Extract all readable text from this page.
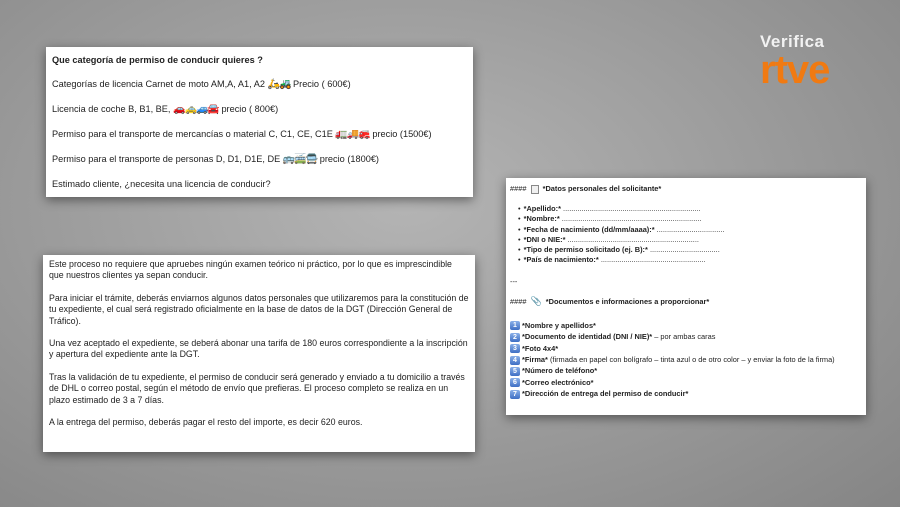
Verifica
rtve
Que categoría de permiso de conducir quieres ?
Categorías de licencia Carnet de moto AM,A, A1, A2 🛵🚜 Precio ( 600€)
Licencia de coche B, B1, BE, 🚗🚕🚙🚘 precio ( 800€)
Permiso para el transporte de mercancías o material C, C1, CE, C1E 🚛🚚🚒 precio (1500€)
Permiso para el transporte de personas D, D1, D1E, DE 🚌🚎🚍 precio (1800€)
Estimado cliente, ¿necesita una licencia de conducir?

Este proceso no requiere que apruebes ningún examen teórico ni práctico, por lo que es imprescindible que nuestros clientes ya sepan conducir.

Para iniciar el trámite, deberás enviarnos algunos datos personales que utilizaremos para la constitución de tu expediente, el cual será registrado oficialmente en la base de datos de la DGT (Dirección General de Tráfico).

Una vez aceptado el expediente, se deberá abonar una tarifa de 180 euros correspondiente a la inscripción y apertura del expediente ante la DGT.

Tras la validación de tu expediente, el permiso de conducir será generado y enviado a tu domicilio a través de DHL o correo postal, según el método de envío que prefieras. El proceso completo se realiza en un plazo estimado de 3 a 7 días.

A la entrega del permiso, deberás pagar el resto del importe, es decir 620 euros.

#### *Datos personales del solicitante*
• *Apellido:* ...................................................................
• *Nombre:* ....................................................................
• *Fecha de nacimiento (dd/mm/aaaa):* .................................
• *DNI o NIE:* ................................................................
• *Tipo de permiso solicitado (ej. B):* ..................................
• *País de nacimiento:* ...................................................
---
#### 📎 *Documentos e informaciones a proporcionar*
1 *Nombre y apellidos*
2 *Documento de identidad (DNI / NIE)* – por ambas caras
3 *Foto 4x4*
4 *Firma* (firmada en papel con bolígrafo – tinta azul o de otro color – y enviar la foto de la firma)
5 *Número de teléfono*
6 *Correo electrónico*
7 *Dirección de entrega del permiso de conducir*
